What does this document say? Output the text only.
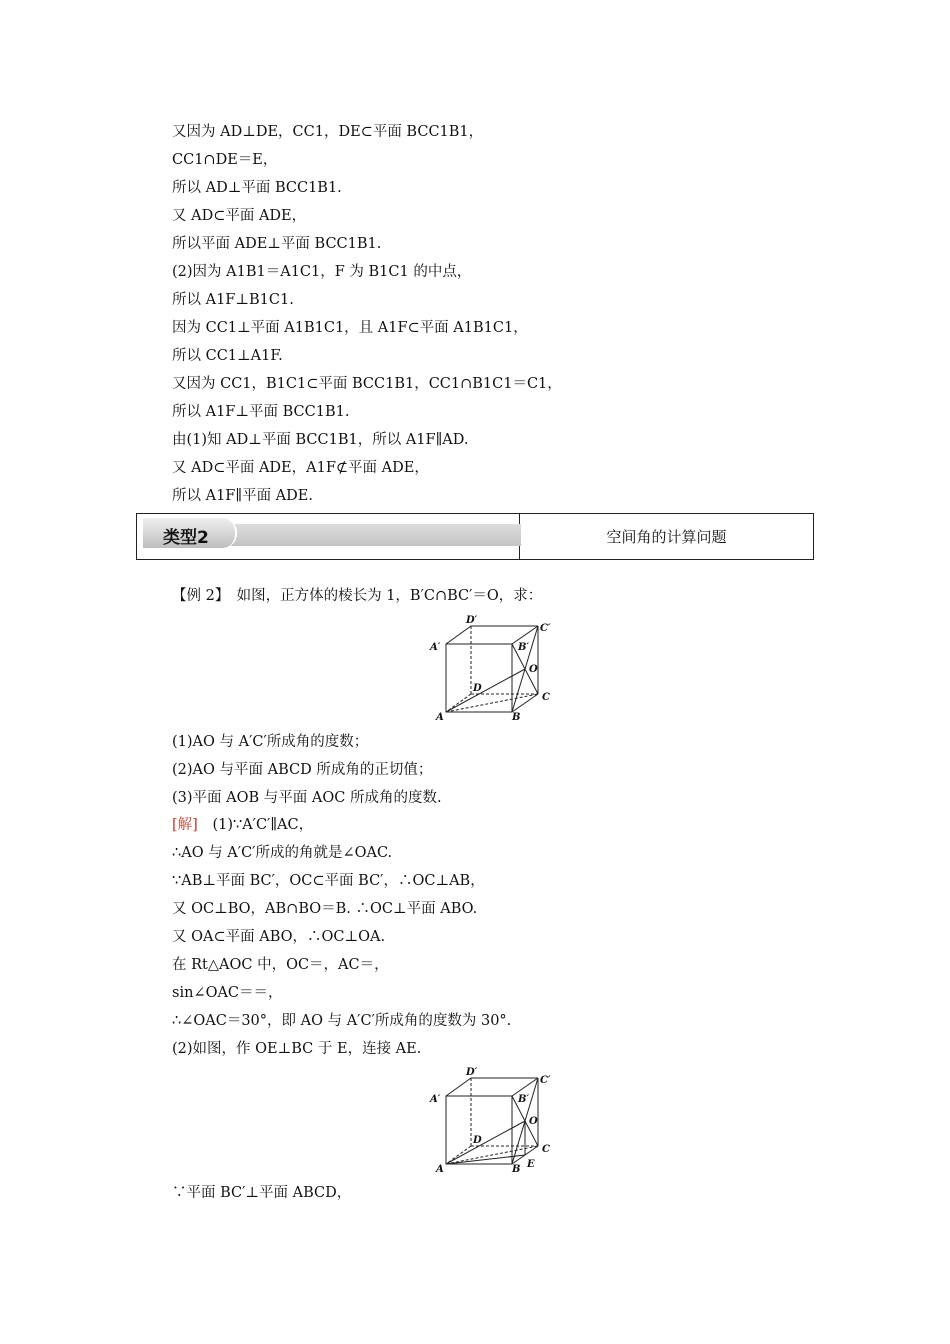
又因为 AD⊥DE，CC1，DE⊂平面 BCC1B1，
CC1∩DE＝E，
所以 AD⊥平面 BCC1B1.
又 AD⊂平面 ADE，
所以平面 ADE⊥平面 BCC1B1.
(2)因为 A1B1＝A1C1，F 为 B1C1 的中点，
所以 A1F⊥B1C1.
因为 CC1⊥平面 A1B1C1，且 A1F⊂平面 A1B1C1，
所以 CC1⊥A1F.
又因为 CC1，B1C1⊂平面 BCC1B1，CC1∩B1C1＝C1，
所以 A1F⊥平面 BCC1B1.
由(1)知 AD⊥平面 BCC1B1，所以 A1F∥AD.
又 AD⊂平面 ADE，A1F⊄平面 ADE，
所以 A1F∥平面 ADE.
类型2	空间角的计算问题
【例 2】　如图，正方体的棱长为 1，B′C∩BC′＝O，求：
D′
C′
A′	B′
O
D
C
A	B
(1)AO 与 A′C′所成角的度数；
(2)AO 与平面 ABCD 所成角的正切值；
(3)平面 AOB 与平面 AOC 所成角的度数.
[解] (1)∵A′C′∥AC，
∴AO 与 A′C′所成的角就是∠OAC.
∵AB⊥平面 BC′，OC⊂平面 BC′，∴OC⊥AB，
又 OC⊥BO，AB∩BO＝B. ∴OC⊥平面 ABO.
又 OA⊂平面 ABO，∴OC⊥OA.
在 Rt△AOC 中，OC＝，AC＝，
sin∠OAC＝＝，
∴∠OAC＝30°，即 AO 与 A′C′所成角的度数为 30°.
(2)如图，作 OE⊥BC 于 E，连接 AE.
D′
C′
A′	B′
O
D
C
A	B E
∵平面 BC′⊥平面 ABCD，
